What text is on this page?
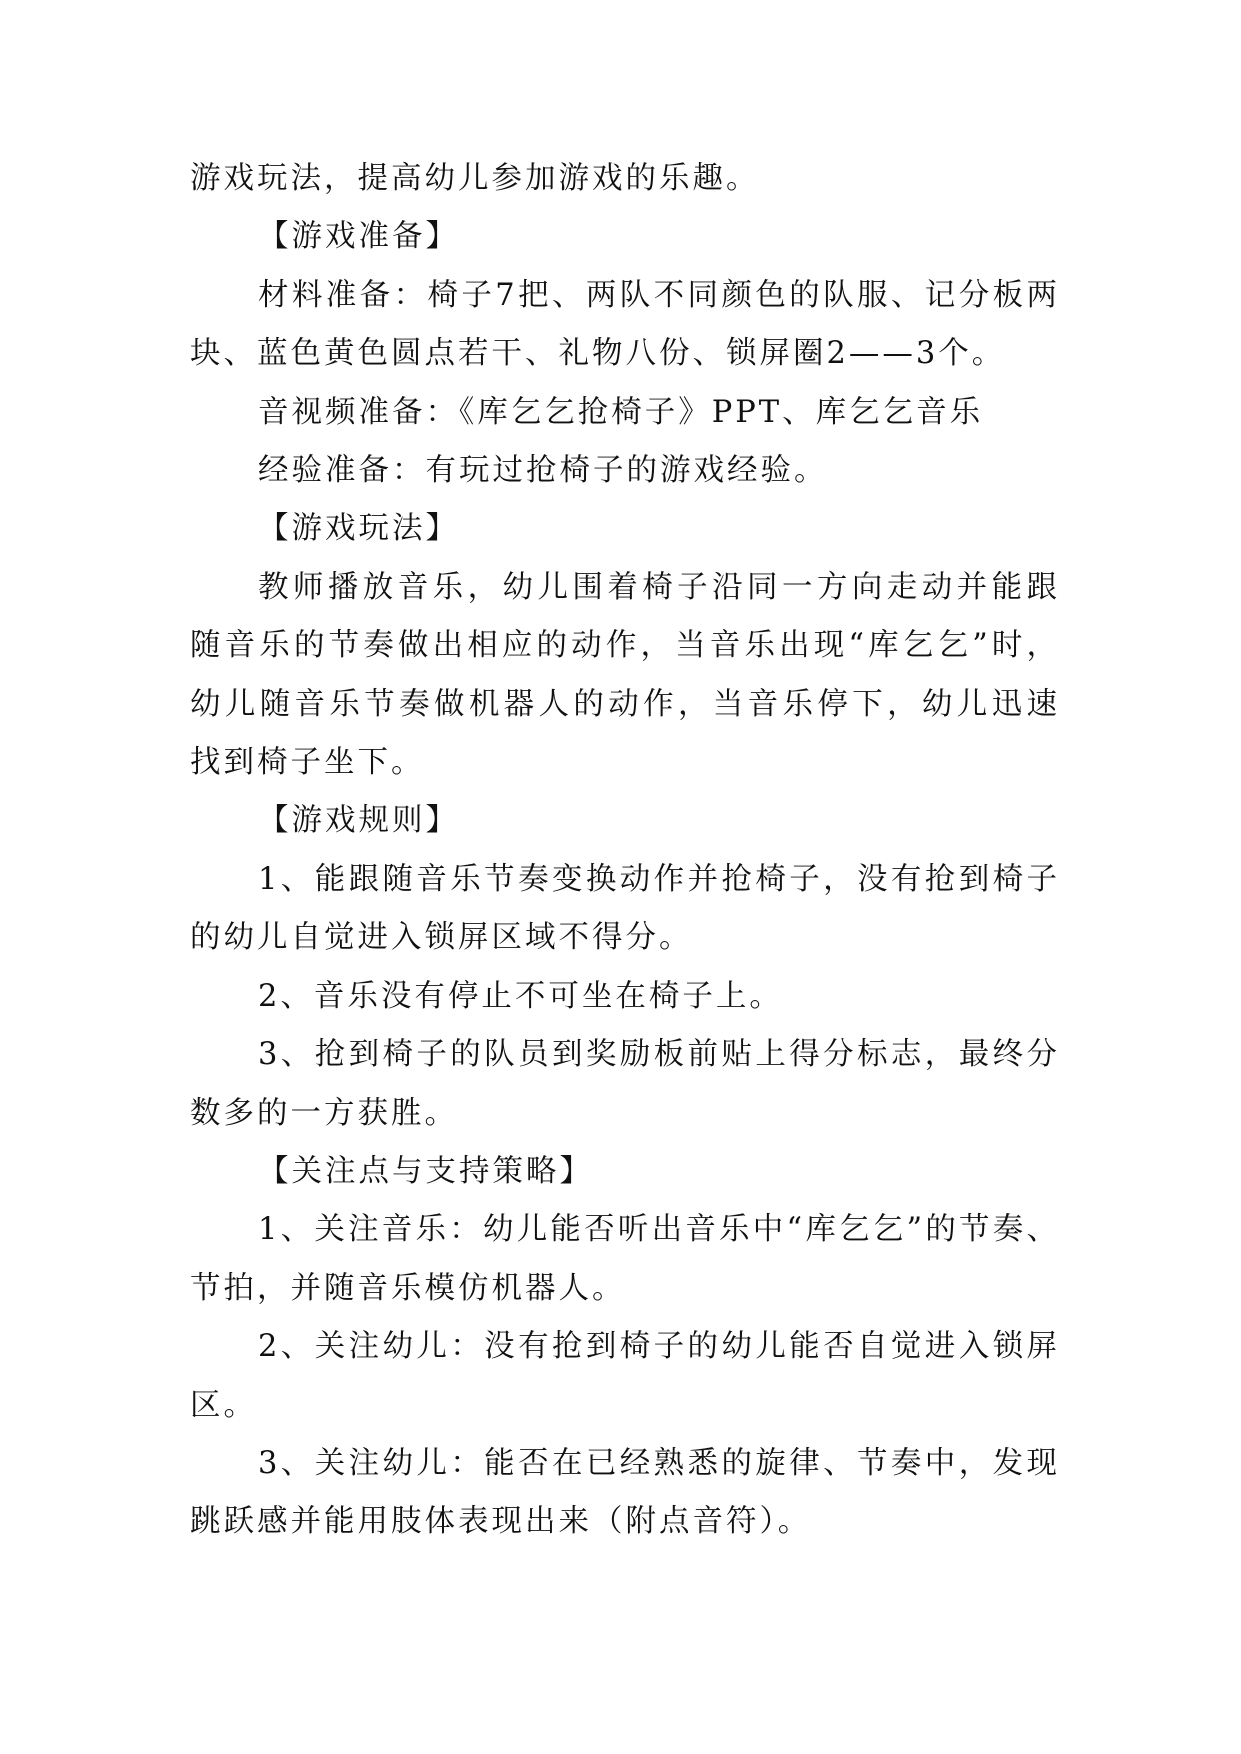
游戏玩法，提高幼儿参加游戏的乐趣。

【游戏准备】

材料准备：椅子7把、两队不同颜色的队服、记分板两块、蓝色黄色圆点若干、礼物八份、锁屏圈2——3个。

音视频准备：《库乞乞抢椅子》PPT、库乞乞音乐

经验准备：有玩过抢椅子的游戏经验。

【游戏玩法】

教师播放音乐，幼儿围着椅子沿同一方向走动并能跟随音乐的节奏做出相应的动作，当音乐出现“库乞乞”时，幼儿随音乐节奏做机器人的动作，当音乐停下，幼儿迅速找到椅子坐下。

【游戏规则】

1、能跟随音乐节奏变换动作并抢椅子，没有抢到椅子的幼儿自觉进入锁屏区域不得分。

2、音乐没有停止不可坐在椅子上。

3、抢到椅子的队员到奖励板前贴上得分标志，最终分数多的一方获胜。

【关注点与支持策略】

1、关注音乐：幼儿能否听出音乐中“库乞乞”的节奏、节拍，并随音乐模仿机器人。

2、关注幼儿：没有抢到椅子的幼儿能否自觉进入锁屏区。

3、关注幼儿：能否在已经熟悉的旋律、节奏中，发现跳跃感并能用肢体表现出来（附点音符）。
